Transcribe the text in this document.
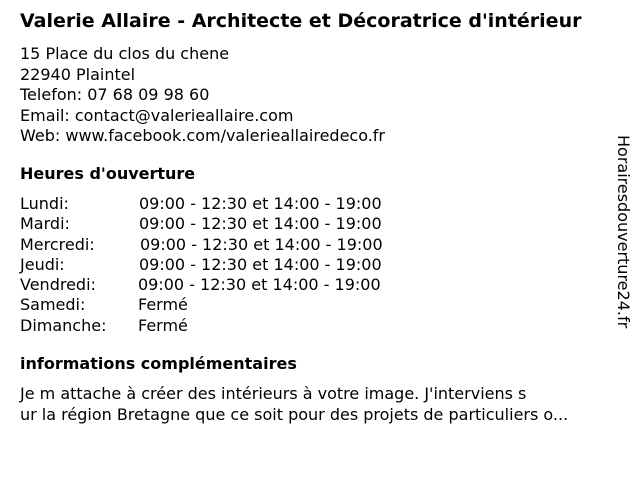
Valerie Allaire - Architecte et Décoratrice d'intérieur
15 Place du clos du chene
22940 Plaintel
Telefon: 07 68 09 98 60
Email: contact@valerieallaire.com
Web: www.facebook.com/valerieallairedeco.fr
Heures d'ouverture
Lundi:	09:00 - 12:30 et 14:00 - 19:00
Mardi:	09:00 - 12:30 et 14:00 - 19:00
Mercredi:	09:00 - 12:30 et 14:00 - 19:00
Jeudi:	09:00 - 12:30 et 14:00 - 19:00
Vendredi:	09:00 - 12:30 et 14:00 - 19:00
Samedi:	Fermé
Dimanche: Fermé
informations complémentaires
Je m attache à créer des intérieurs à votre image. J'interviens s
ur la région Bretagne que ce soit pour des projets de particuliers o...
Horairesdouverture24.fr
